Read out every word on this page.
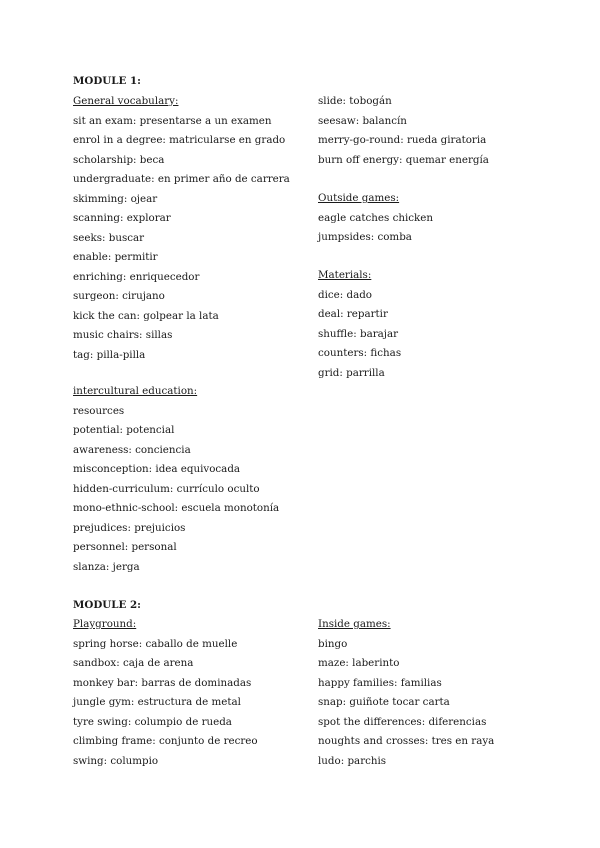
MODULE 1:
General vocabulary:
sit an exam: presentarse a un examen
enrol in a degree: matricularse en grado
scholarship: beca
undergraduate: en primer año de carrera
skimming: ojear
scanning: explorar
seeks: buscar
enable: permitir
enriching: enriquecedor
surgeon: cirujano
kick the can: golpear la lata
music chairs: sillas
tag: pilla-pilla
intercultural education:
resources
potential: potencial
awareness: conciencia
misconception: idea equivocada
hidden-curriculum: currículo oculto
mono-ethnic-school: escuela monotonía
prejudices: prejuicios
personnel: personal
slanza: jerga
slide: tobogán
seesaw: balancín
merry-go-round: rueda giratoria
burn off energy: quemar energía
Outside games:
eagle catches chicken
jumpsides: comba
Materials:
dice: dado
deal: repartir
shuffle: barajar
counters: fichas
grid: parrilla
MODULE 2:
Playground:
spring horse: caballo de muelle
sandbox: caja de arena
monkey bar: barras de dominadas
jungle gym: estructura de metal
tyre swing: columpio de rueda
climbing frame: conjunto de recreo
swing: columpio
Inside games:
bingo
maze: laberinto
happy families: familias
snap: guiñote tocar carta
spot the differences: diferencias
noughts and crosses: tres en raya
ludo: parchis
